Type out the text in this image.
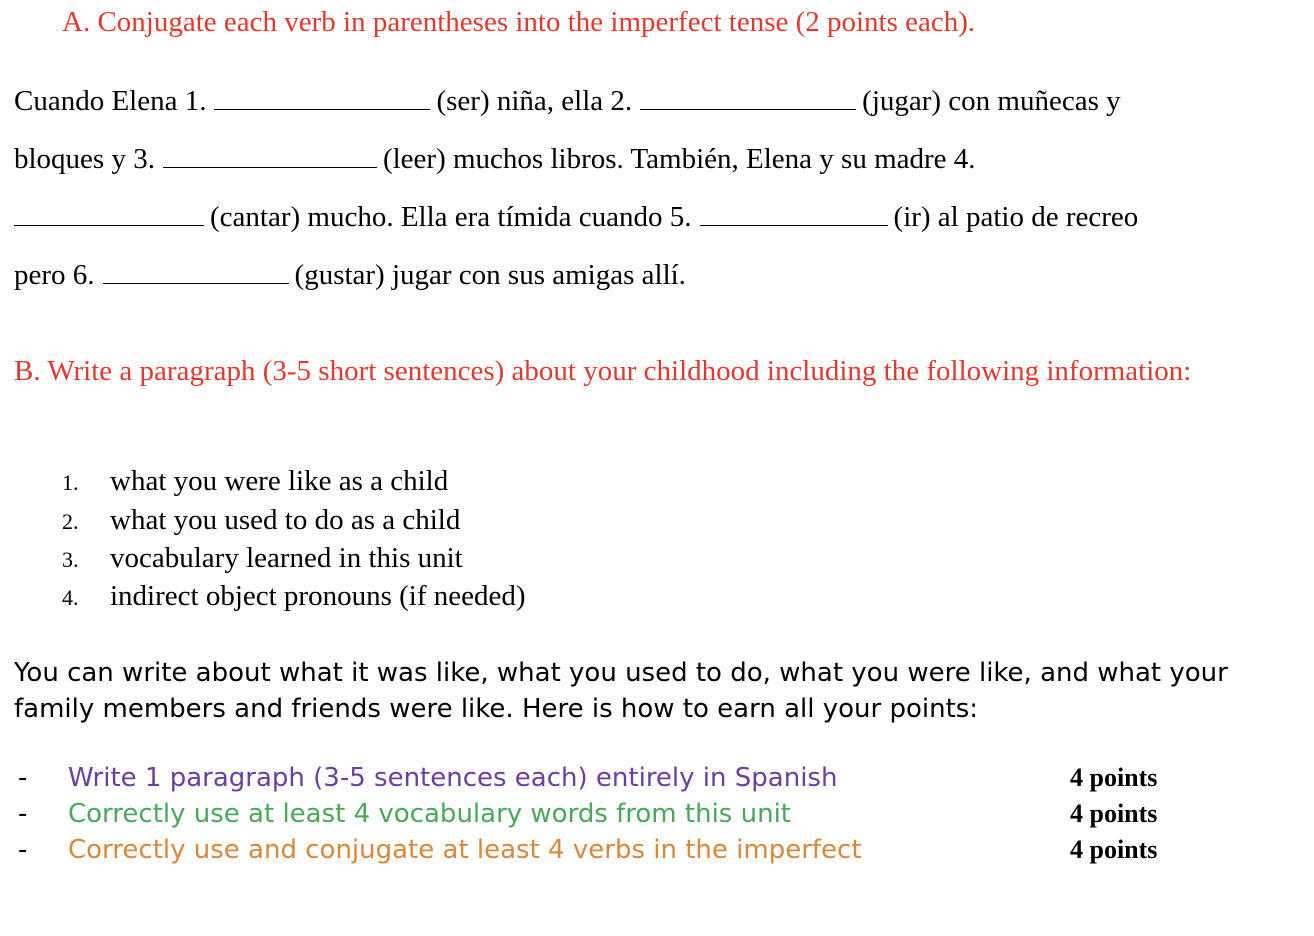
A. Conjugate each verb in parentheses into the imperfect tense (2 points each).
Cuando Elena 1.	(ser) niña, ella 2.	(jugar) con muñecas y
bloques y 3.	(leer) muchos libros. También, Elena y su madre 4.
(cantar) mucho. Ella era tímida cuando 5.	(ir) al patio de recreo
pero 6.	(gustar) jugar con sus amigas allí.
B. Write a paragraph (3-5 short sentences) about your childhood including the following information:
1. what you were like as a child
2. what you used to do as a child
3. vocabulary learned in this unit
4. indirect object pronouns (if needed)
You can write about what it was like, what you used to do, what you were like, and what your family members and friends were like. Here is how to earn all your points:
- Write 1 paragraph (3-5 sentences each) entirely in Spanish	4 points
- Correctly use at least 4 vocabulary words from this unit	4 points
- Correctly use and conjugate at least 4 verbs in the imperfect	4 points
